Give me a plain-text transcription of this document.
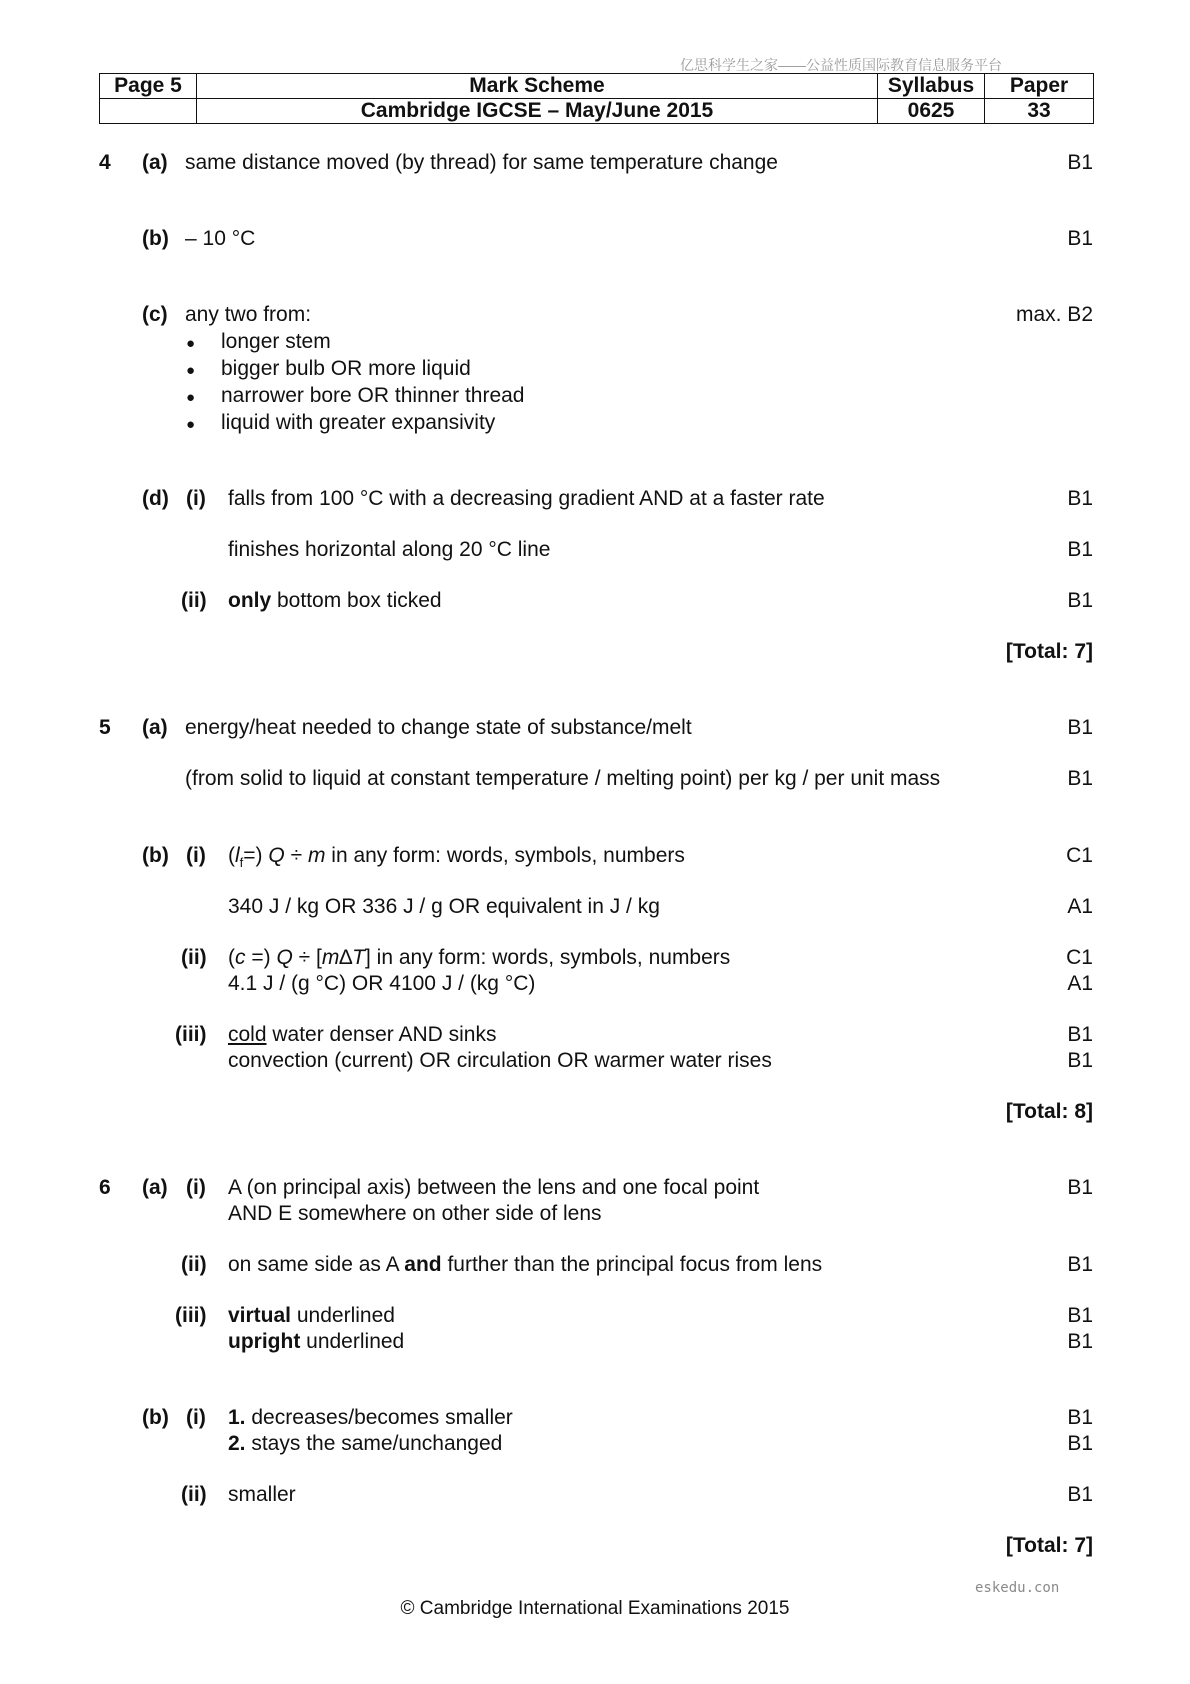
亿思科学生之家——公益性质国际教育信息服务平台
Page 5	Mark Scheme	Syllabus	Paper
	Cambridge IGCSE – May/June 2015	0625	33
4 (a) same distance moved (by thread) for same temperature change	B1
(b) – 10 °C	B1
(c) any two from:	max. B2
● longer stem
● bigger bulb OR more liquid
● narrower bore OR thinner thread
● liquid with greater expansivity
(d) (i) falls from 100 °C with a decreasing gradient AND at a faster rate	B1
finishes horizontal along 20 °C line	B1
(ii) only bottom box ticked	B1
[Total: 7]
5 (a) energy/heat needed to change state of substance/melt	B1
(from solid to liquid at constant temperature / melting point) per kg / per unit mass	B1
(b) (i) $(l_f=) Q \div m$ in any form: words, symbols, numbers	C1
340 J / kg OR 336 J / g OR equivalent in J / kg	A1
(ii) (c =) Q ÷ [m∆T] in any form: words, symbols, numbers	C1
4.1 J / (g °C) OR 4100 J / (kg °C)	A1
(iii) cold water denser AND sinks	B1
convection (current) OR circulation OR warmer water rises	B1
[Total: 8]
6 (a) (i) A (on principal axis) between the lens and one focal point	B1
AND E somewhere on other side of lens
(ii) on same side as A and further than the principal focus from lens	B1
(iii) virtual underlined	B1
upright underlined	B1
(b) (i) 1. decreases/becomes smaller	B1
2. stays the same/unchanged	B1
(ii) smaller	B1
[Total: 7]
eskedu.con
© Cambridge International Examinations 2015
